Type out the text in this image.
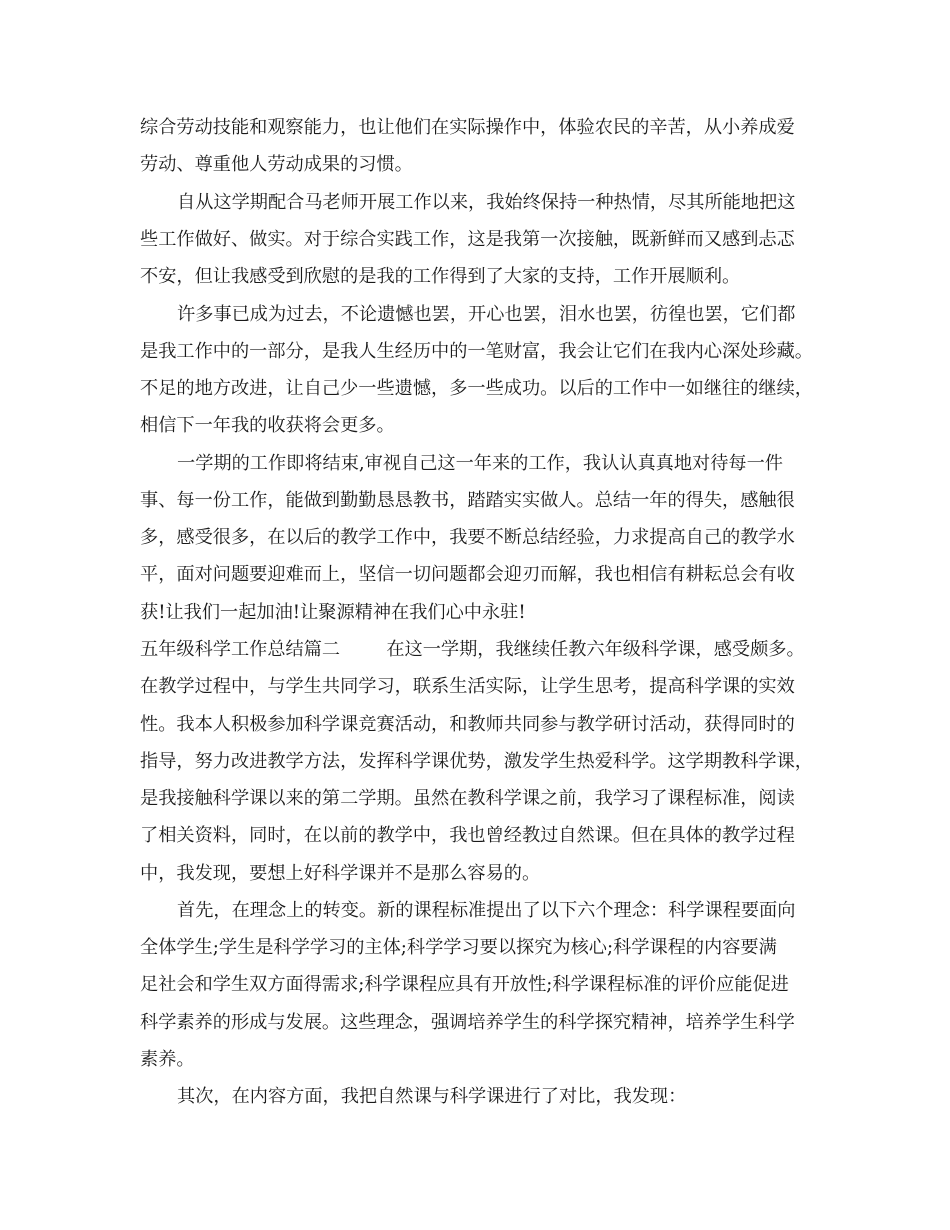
综合劳动技能和观察能力，也让他们在实际操作中，体验农民的辛苦，从小养成爱
劳动、尊重他人劳动成果的习惯。
自从这学期配合马老师开展工作以来，我始终保持一种热情，尽其所能地把这
些工作做好、做实。对于综合实践工作，这是我第一次接触，既新鲜而又感到忐忑
不安，但让我感受到欣慰的是我的工作得到了大家的支持，工作开展顺利。
许多事已成为过去，不论遗憾也罢，开心也罢，泪水也罢，彷徨也罢，它们都
是我工作中的一部分，是我人生经历中的一笔财富，我会让它们在我内心深处珍藏。
不足的地方改进，让自己少一些遗憾，多一些成功。以后的工作中一如继往的继续，
相信下一年我的收获将会更多。
一学期的工作即将结束,审视自己这一年来的工作，我认认真真地对待每一件
事、每一份工作，能做到勤勤恳恳教书，踏踏实实做人。总结一年的得失，感触很
多，感受很多，在以后的教学工作中，我要不断总结经验，力求提高自己的教学水
平，面对问题要迎难而上，坚信一切问题都会迎刃而解，我也相信有耕耘总会有收
获!让我们一起加油!让聚源精神在我们心中永驻!
五年级科学工作总结篇二        在这一学期，我继续任教六年级科学课，感受颇多。
在教学过程中，与学生共同学习，联系生活实际，让学生思考，提高科学课的实效
性。我本人积极参加科学课竞赛活动，和教师共同参与教学研讨活动，获得同时的
指导，努力改进教学方法，发挥科学课优势，激发学生热爱科学。这学期教科学课，
是我接触科学课以来的第二学期。虽然在教科学课之前，我学习了课程标准，阅读
了相关资料，同时，在以前的教学中，我也曾经教过自然课。但在具体的教学过程
中，我发现，要想上好科学课并不是那么容易的。
首先，在理念上的转变。新的课程标准提出了以下六个理念：科学课程要面向
全体学生;学生是科学学习的主体;科学学习要以探究为核心;科学课程的内容要满
足社会和学生双方面得需求;科学课程应具有开放性;科学课程标准的评价应能促进
科学素养的形成与发展。这些理念，强调培养学生的科学探究精神，培养学生科学
素养。
其次，在内容方面，我把自然课与科学课进行了对比，我发现：
